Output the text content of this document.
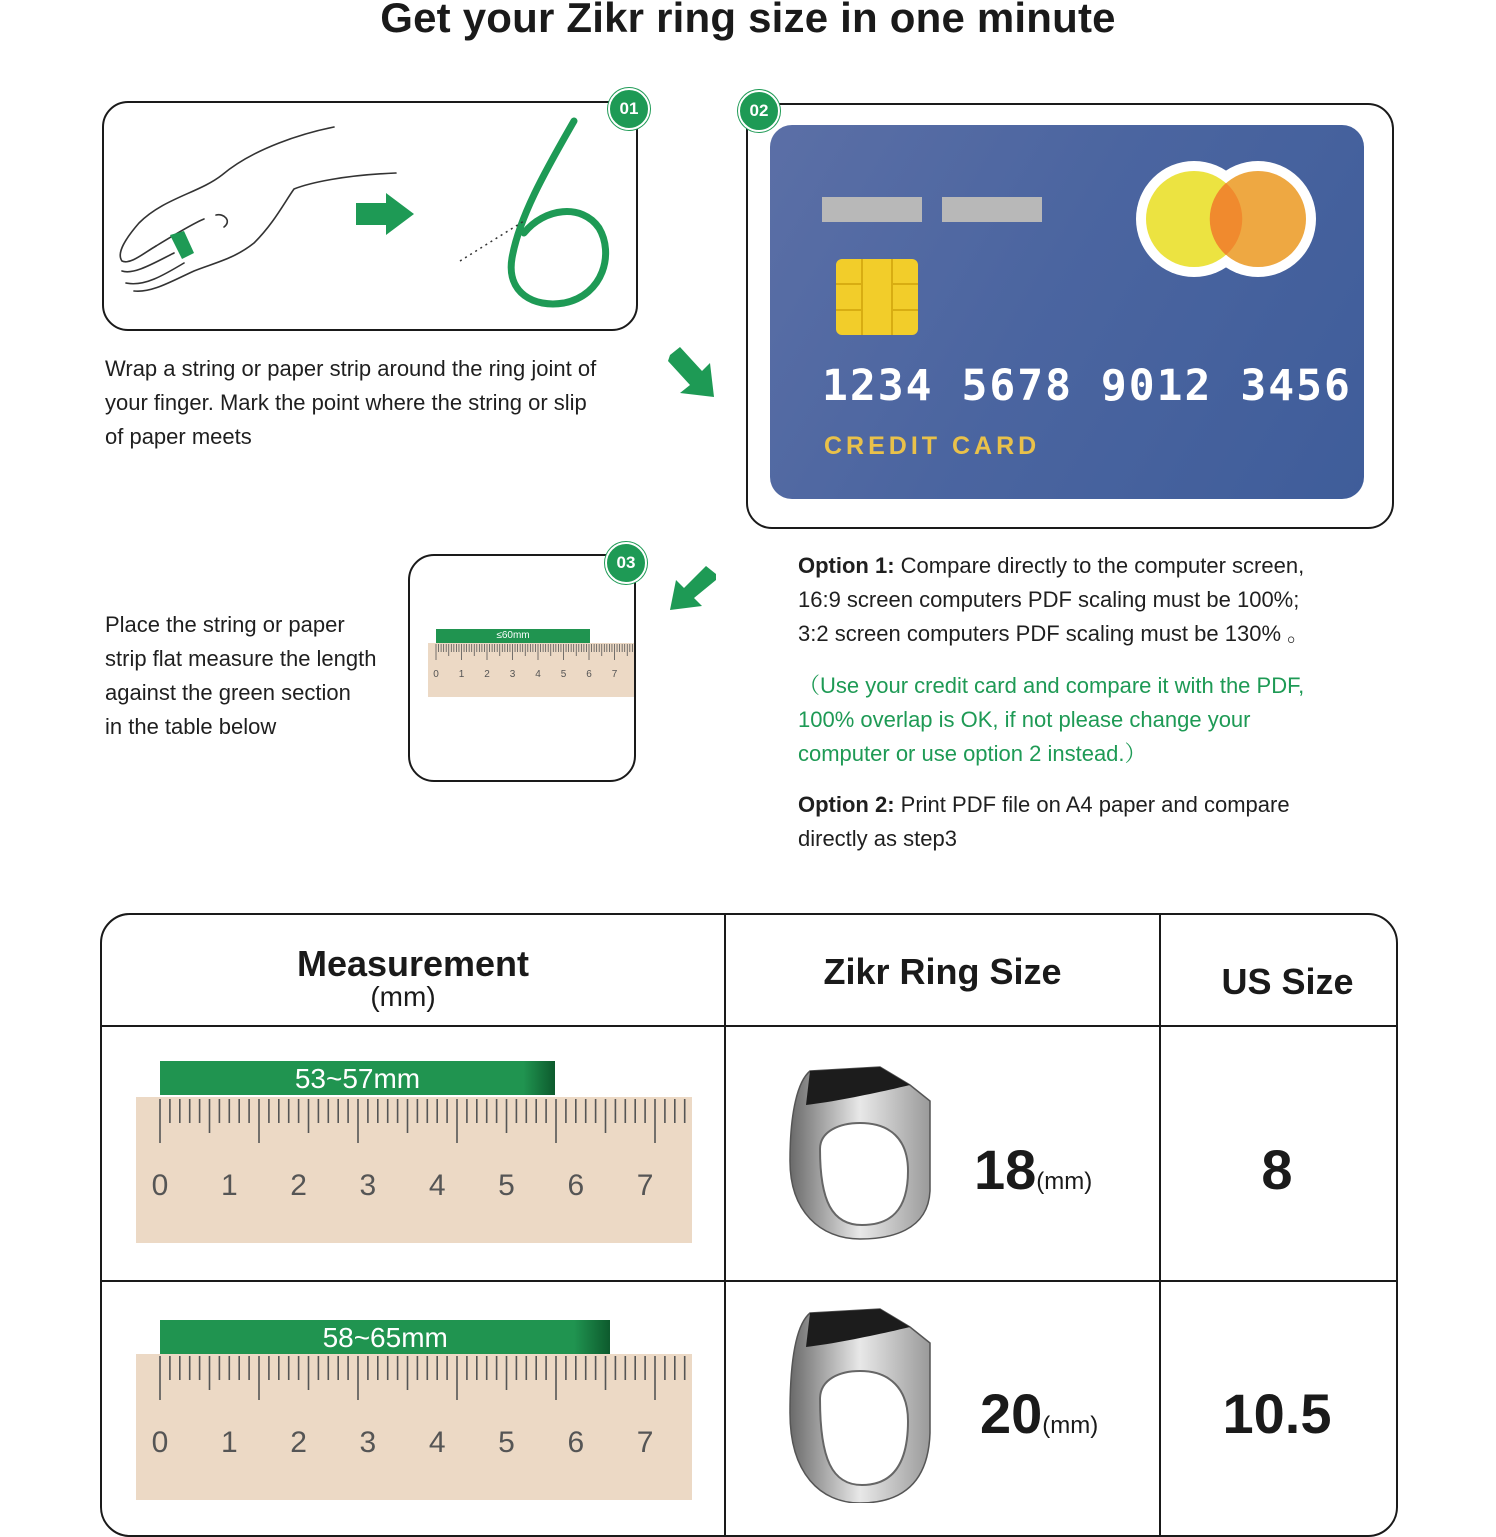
Get your Zikr ring size in one minute
01
Wrap a string or paper strip around the ring joint of
your finger. Mark the point where the string or slip
of paper meets
02
1234 5678 9012 3456
CREDIT CARD
Place the string or paper
strip flat measure the length
against the green section
in the table below
03
≤60mm
0 1 2 3 4 5 6 7
Option 1: Compare directly to the computer screen,
16:9 screen computers PDF scaling must be 100%;
3:2 screen computers PDF scaling must be 130% 。
（Use your credit card and compare it with the PDF,
100% overlap is OK, if not please change your
computer or use option 2 instead.）
Option 2: Print PDF file on A4 paper and compare
directly as step3
Measurement
(mm)
Zikr Ring Size	US Size
53~57mm
0 1 2 3 4 5 6 7	18(mm)	8
58~65mm
0 1 2 3 4 5 6 7	20(mm)	10.5
